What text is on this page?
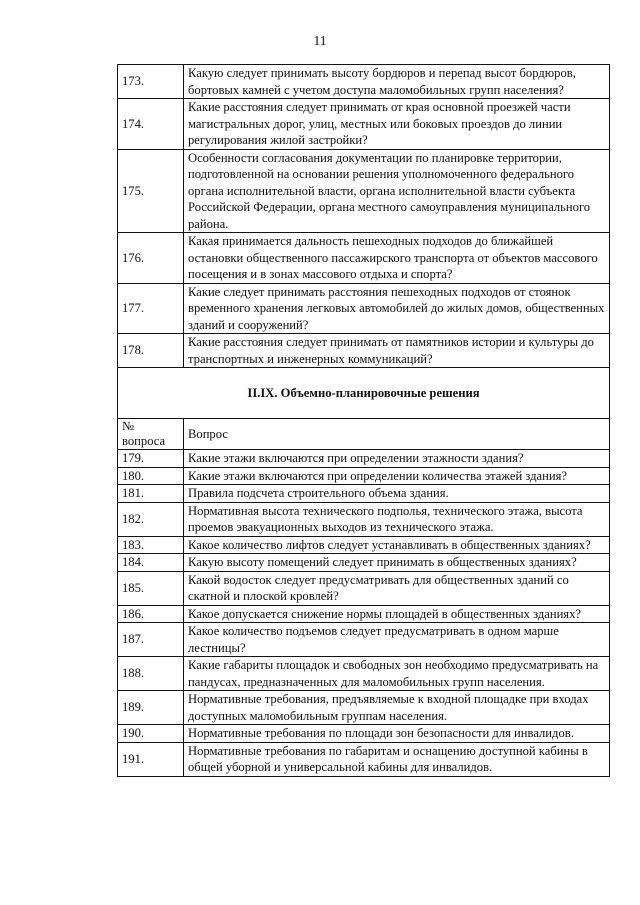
11
173.	Какую следует принимать высоту бордюров и перепад высот бордюров, бортовых камней с учетом доступа маломобильных групп населения?
174.	Какие расстояния следует принимать от края основной проезжей части магистральных дорог, улиц, местных или боковых проездов до линии регулирования жилой застройки?
175.	Особенности согласования документации по планировке территории, подготовленной на основании решения уполномоченного федерального органа исполнительной власти, органа исполнительной власти субъекта Российской Федерации, органа местного самоуправления муниципального района.
176.	Какая принимается дальность пешеходных подходов до ближайшей остановки общественного пассажирского транспорта от объектов массового посещения и в зонах массового отдыха и спорта?
177.	Какие следует принимать расстояния пешеходных подходов от стоянок временного хранения легковых автомобилей до жилых домов, общественных зданий и сооружений?
178.	Какие расстояния следует принимать от памятников истории и культуры до транспортных и инженерных коммуникаций?
II.IX. Объемно-планировочные решения	
№ вопроса	Вопрос
179.	Какие этажи включаются при определении этажности здания?
180.	Какие этажи включаются при определении количества этажей здания?
181.	Правила подсчета строительного объема здания.
182.	Нормативная высота технического подполья, технического этажа, высота проемов эвакуационных выходов из технического этажа.
183.	Какое количество лифтов следует устанавливать в общественных зданиях?
184.	Какую высоту помещений следует принимать в общественных зданиях?
185.	Какой водосток следует предусматривать для общественных зданий со скатной и плоской кровлей?
186.	Какое допускается снижение нормы площадей в общественных зданиях?
187.	Какое количество подъемов следует предусматривать в одном марше лестницы?
188.	Какие габариты площадок и свободных зон необходимо предусматривать на пандусах, предназначенных для маломобильных групп населения.
189.	Нормативные требования, предъявляемые к входной площадке при входах доступных маломобильным группам населения.
190.	Нормативные требования по площади зон безопасности для инвалидов.
191.	Нормативные требования по габаритам и оснащению доступной кабины в общей уборной и универсальной кабины для инвалидов.
